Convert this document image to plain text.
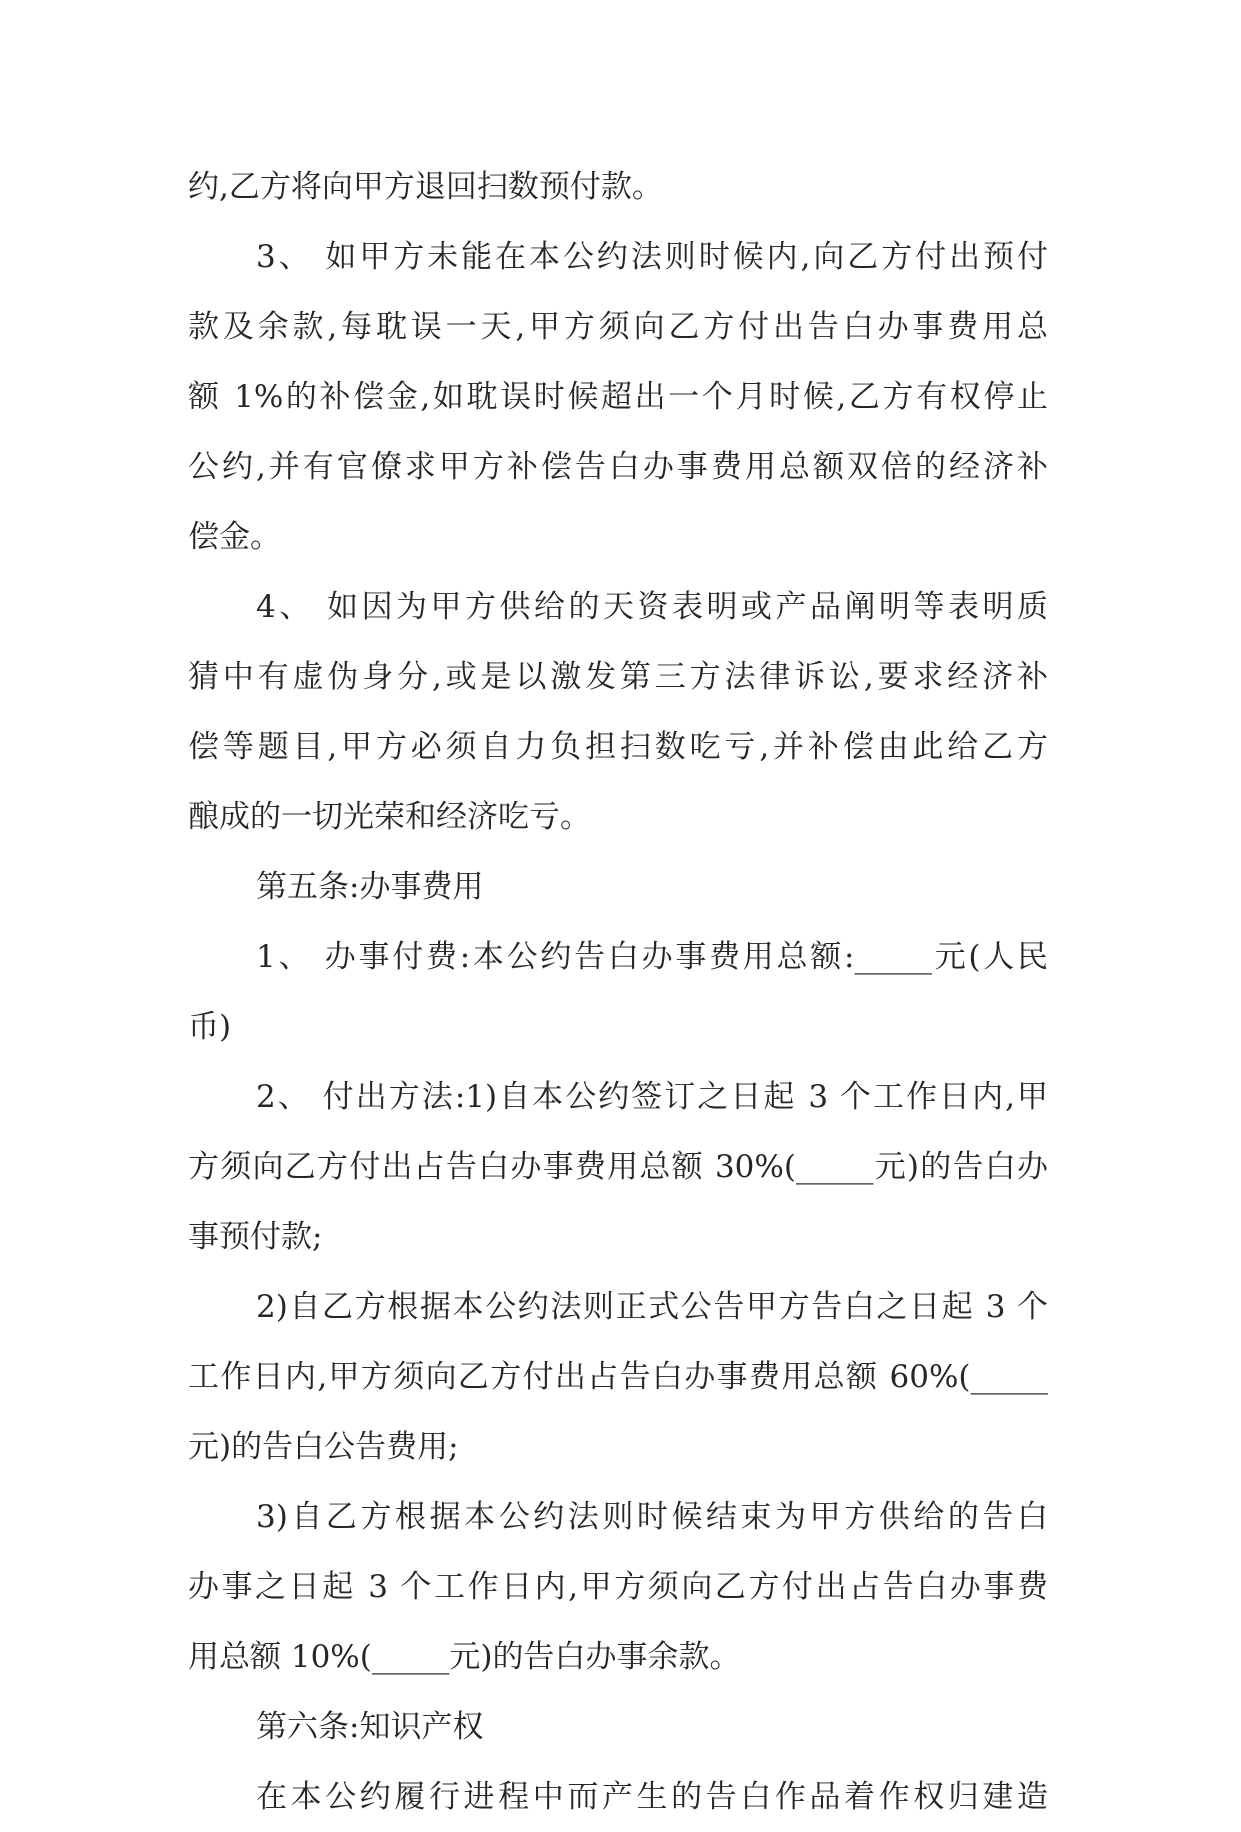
约,乙方将向甲方退回扫数预付款。
3、 如甲方未能在本公约法则时候内,向乙方付出预付
款及余款,每耽误一天,甲方须向乙方付出告白办事费用总
额 1%的补偿金,如耽误时候超出一个月时候,乙方有权停止
公约,并有官僚求甲方补偿告白办事费用总额双倍的经济补
偿金。
4、 如因为甲方供给的天资表明或产品阐明等表明质
猜中有虚伪身分,或是以激发第三方法律诉讼,要求经济补
偿等题目,甲方必须自力负担扫数吃亏,并补偿由此给乙方
酿成的一切光荣和经济吃亏。
第五条:办事费用
1、 办事付费:本公约告白办事费用总额:_____元(人民
币)
2、 付出方法:1)自本公约签订之日起 3 个工作日内,甲
方须向乙方付出占告白办事费用总额 30%(_____元)的告白办
事预付款;
2)自乙方根据本公约法则正式公告甲方告白之日起 3 个
工作日内,甲方须向乙方付出占告白办事费用总额 60%(_____
元)的告白公告费用;
3)自乙方根据本公约法则时候结束为甲方供给的告白
办事之日起 3 个工作日内,甲方须向乙方付出占告白办事费
用总额 10%(_____元)的告白办事余款。
第六条:知识产权
在本公约履行进程中而产生的告白作品着作权归建造
